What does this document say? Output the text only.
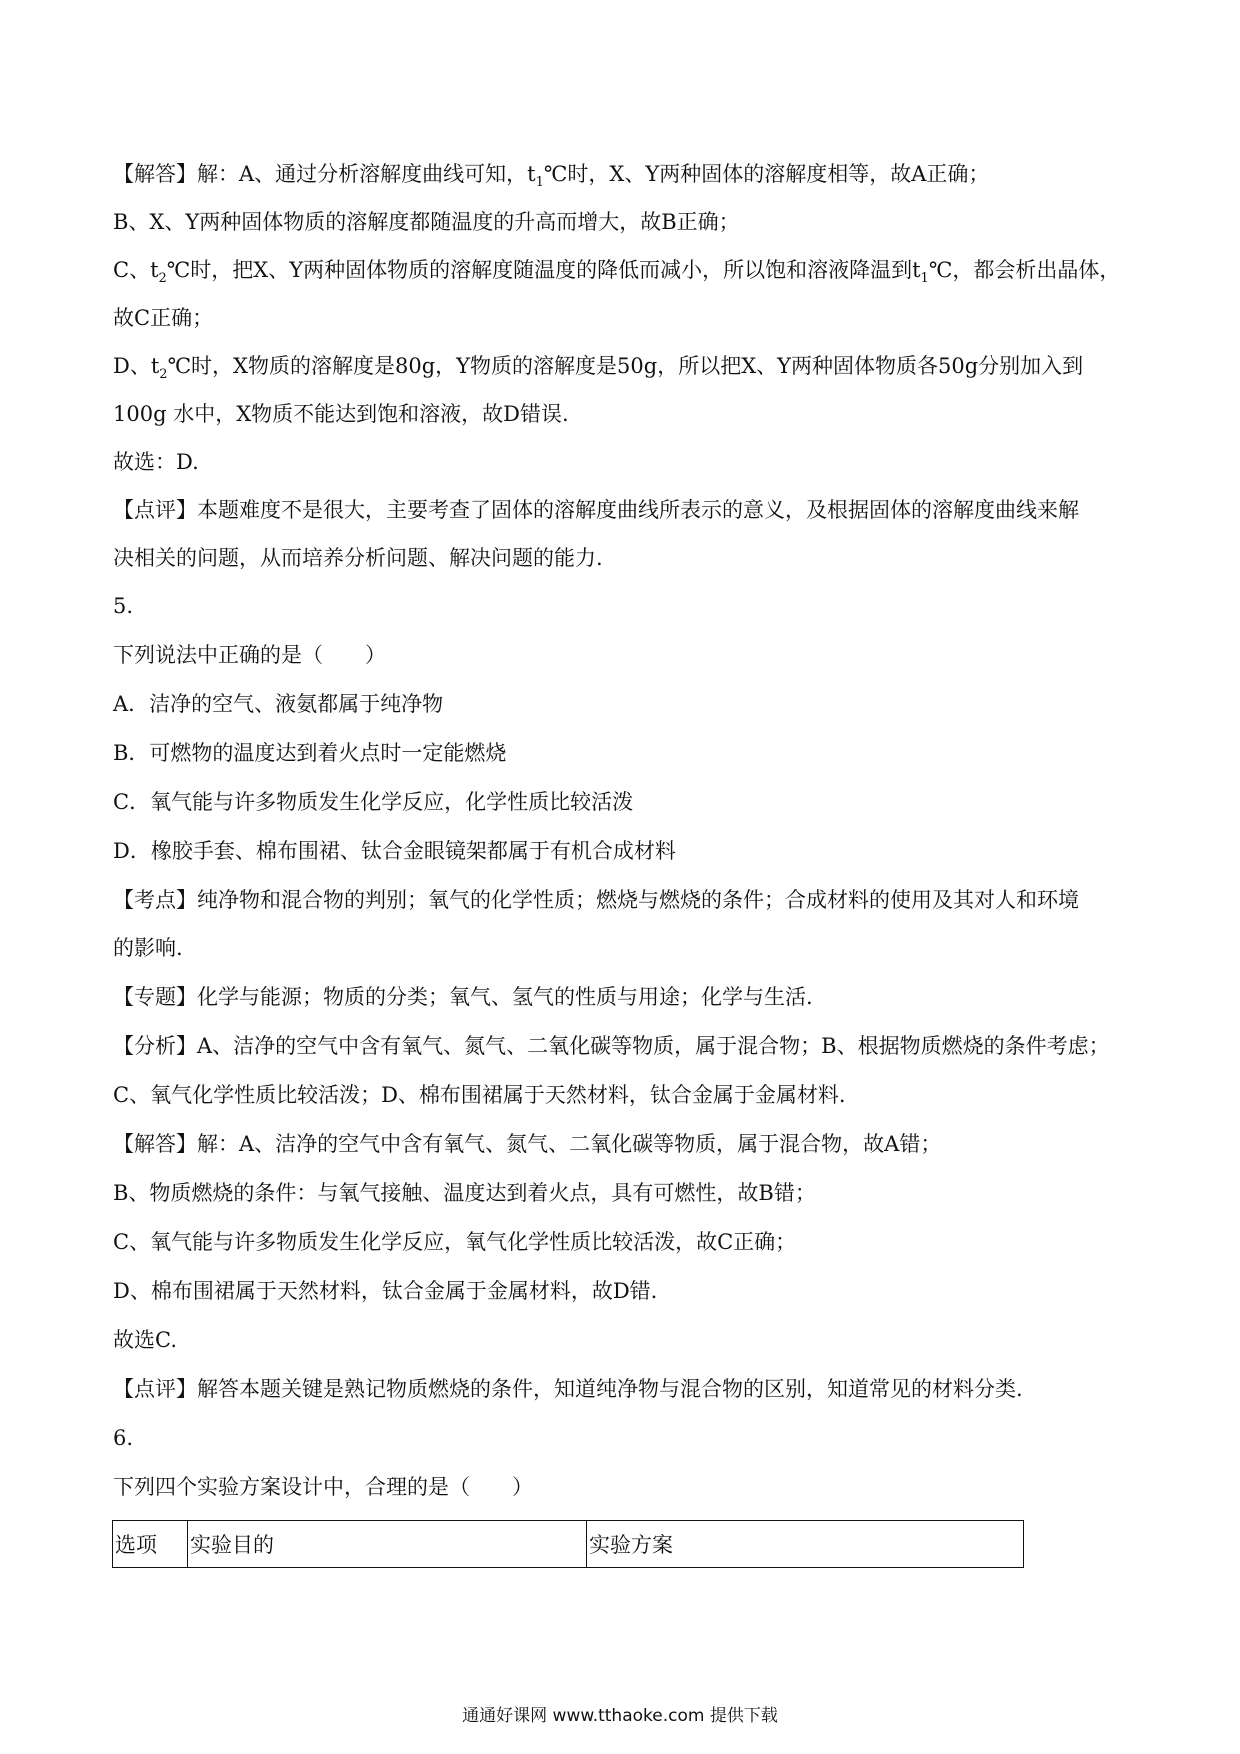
【解答】解：A、通过分析溶解度曲线可知，$t_1℃$时，X、Y两种固体的溶解度相等，故A正确；
B、X、Y两种固体物质的溶解度都随温度的升高而增大，故B正确；
C、$t_2℃$时，把X、Y两种固体物质的溶解度随温度的降低而减小，所以饱和溶液降温到$t_1℃$，都会析出晶体，
故C正确；
D、$t_2℃$时，X物质的溶解度是80g，Y物质的溶解度是50g，所以把X、Y两种固体物质各50g分别加入到
100g 水中，X物质不能达到饱和溶液，故D错误.
故选：D.
【点评】本题难度不是很大，主要考查了固体的溶解度曲线所表示的意义，及根据固体的溶解度曲线来解
决相关的问题，从而培养分析问题、解决问题的能力.
5.
下列说法中正确的是（　　）
A．洁净的空气、液氨都属于纯净物
B．可燃物的温度达到着火点时一定能燃烧
C．氧气能与许多物质发生化学反应，化学性质比较活泼
D．橡胶手套、棉布围裙、钛合金眼镜架都属于有机合成材料
【考点】纯净物和混合物的判别；氧气的化学性质；燃烧与燃烧的条件；合成材料的使用及其对人和环境
的影响.
【专题】化学与能源；物质的分类；氧气、氢气的性质与用途；化学与生活.
【分析】A、洁净的空气中含有氧气、氮气、二氧化碳等物质，属于混合物；B、根据物质燃烧的条件考虑；
C、氧气化学性质比较活泼；D、棉布围裙属于天然材料，钛合金属于金属材料.
【解答】解：A、洁净的空气中含有氧气、氮气、二氧化碳等物质，属于混合物，故A错；
B、物质燃烧的条件：与氧气接触、温度达到着火点，具有可燃性，故B错；
C、氧气能与许多物质发生化学反应，氧气化学性质比较活泼，故C正确；
D、棉布围裙属于天然材料，钛合金属于金属材料，故D错.
故选C.
【点评】解答本题关键是熟记物质燃烧的条件，知道纯净物与混合物的区别，知道常见的材料分类.
6.
下列四个实验方案设计中，合理的是（　　）
选项	实验目的	实验方案
通通好课网 www.tthaoke.com 提供下载
